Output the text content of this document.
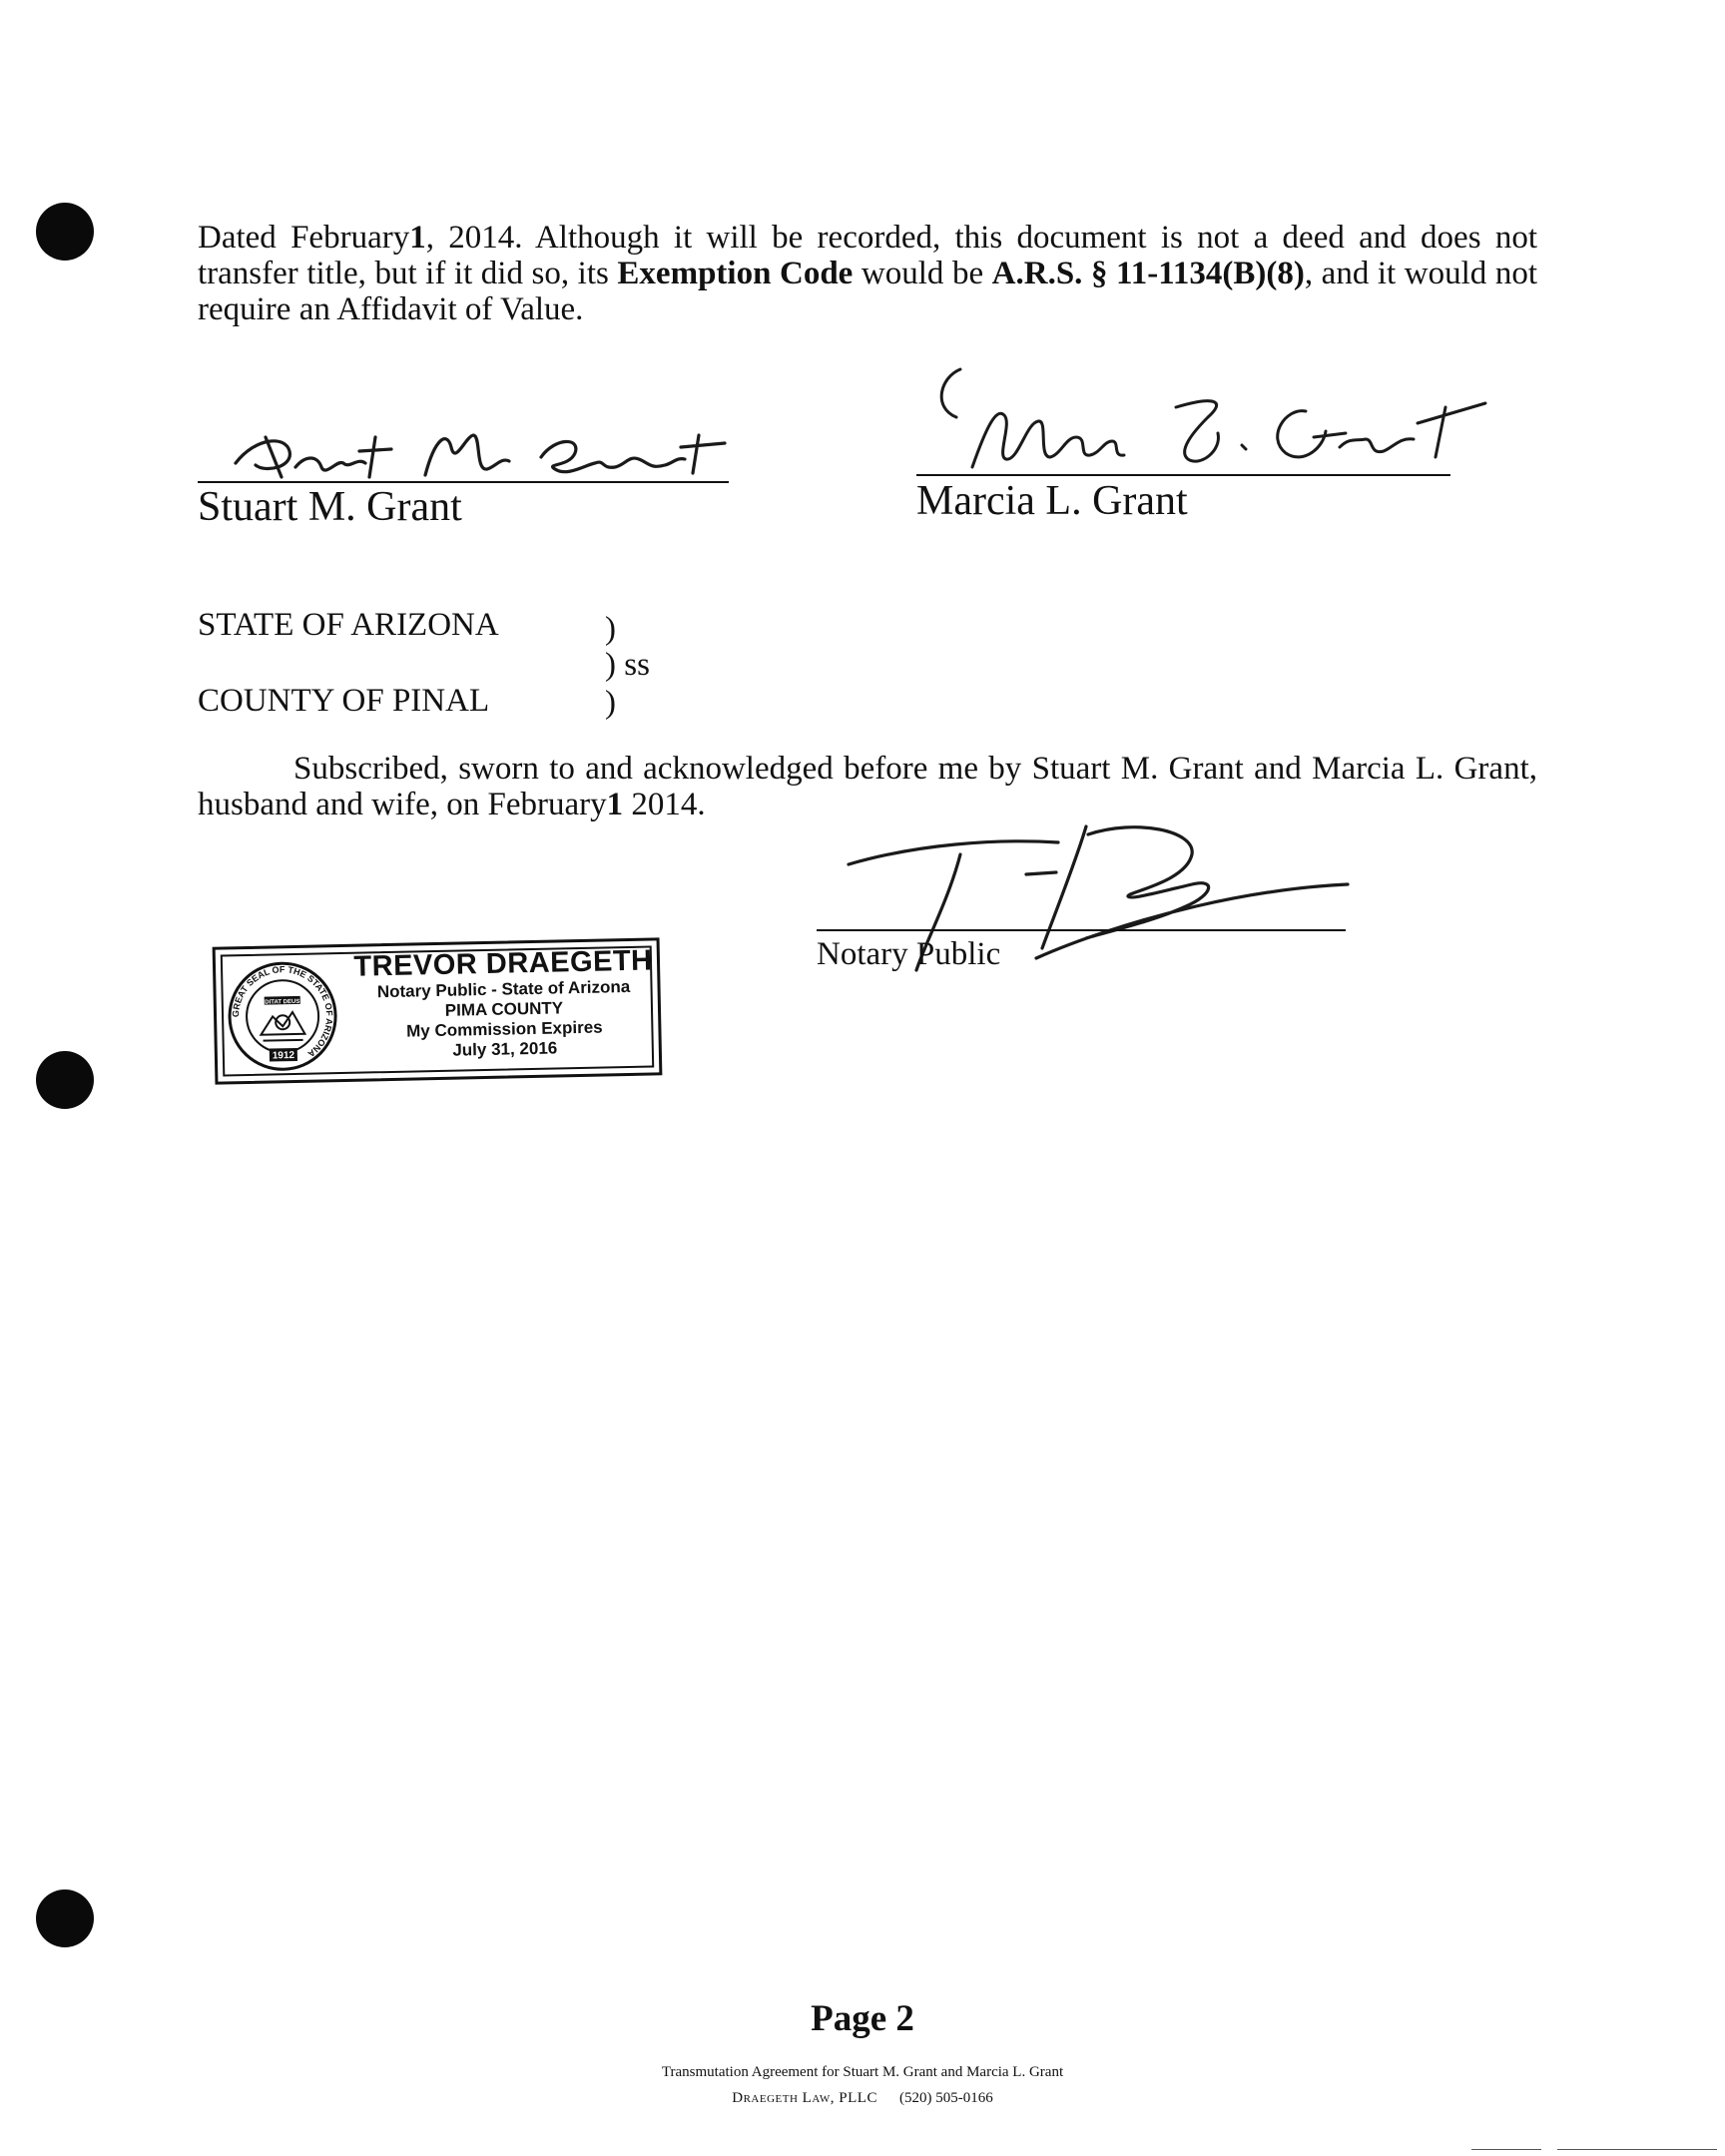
Dated February1, 2014. Although it will be recorded, this document is not a deed and does not transfer title, but if it did so, its Exemption Code would be A.R.S. § 11-1134(B)(8), and it would not require an Affidavit of Value.

Stuart M. Grant	Marcia L. Grant
STATE OF ARIZONA
COUNTY OF PINAL
)
) ss
)

Subscribed, sworn to and acknowledged before me by Stuart M. Grant and Marcia L. Grant, husband and wife, on February1 2014.

Notary Public
GREAT SEAL OF THE STATE OF ARIZONA
DITAT DEUS
1912
TREVOR DRAEGETH
Notary Public - State of Arizona
PIMA COUNTY
My Commission Expires
July 31, 2016
Page 2
Transmutation Agreement for Stuart M. Grant and Marcia L. Grant
Draegeth Law, PLLC (520) 505-0166
